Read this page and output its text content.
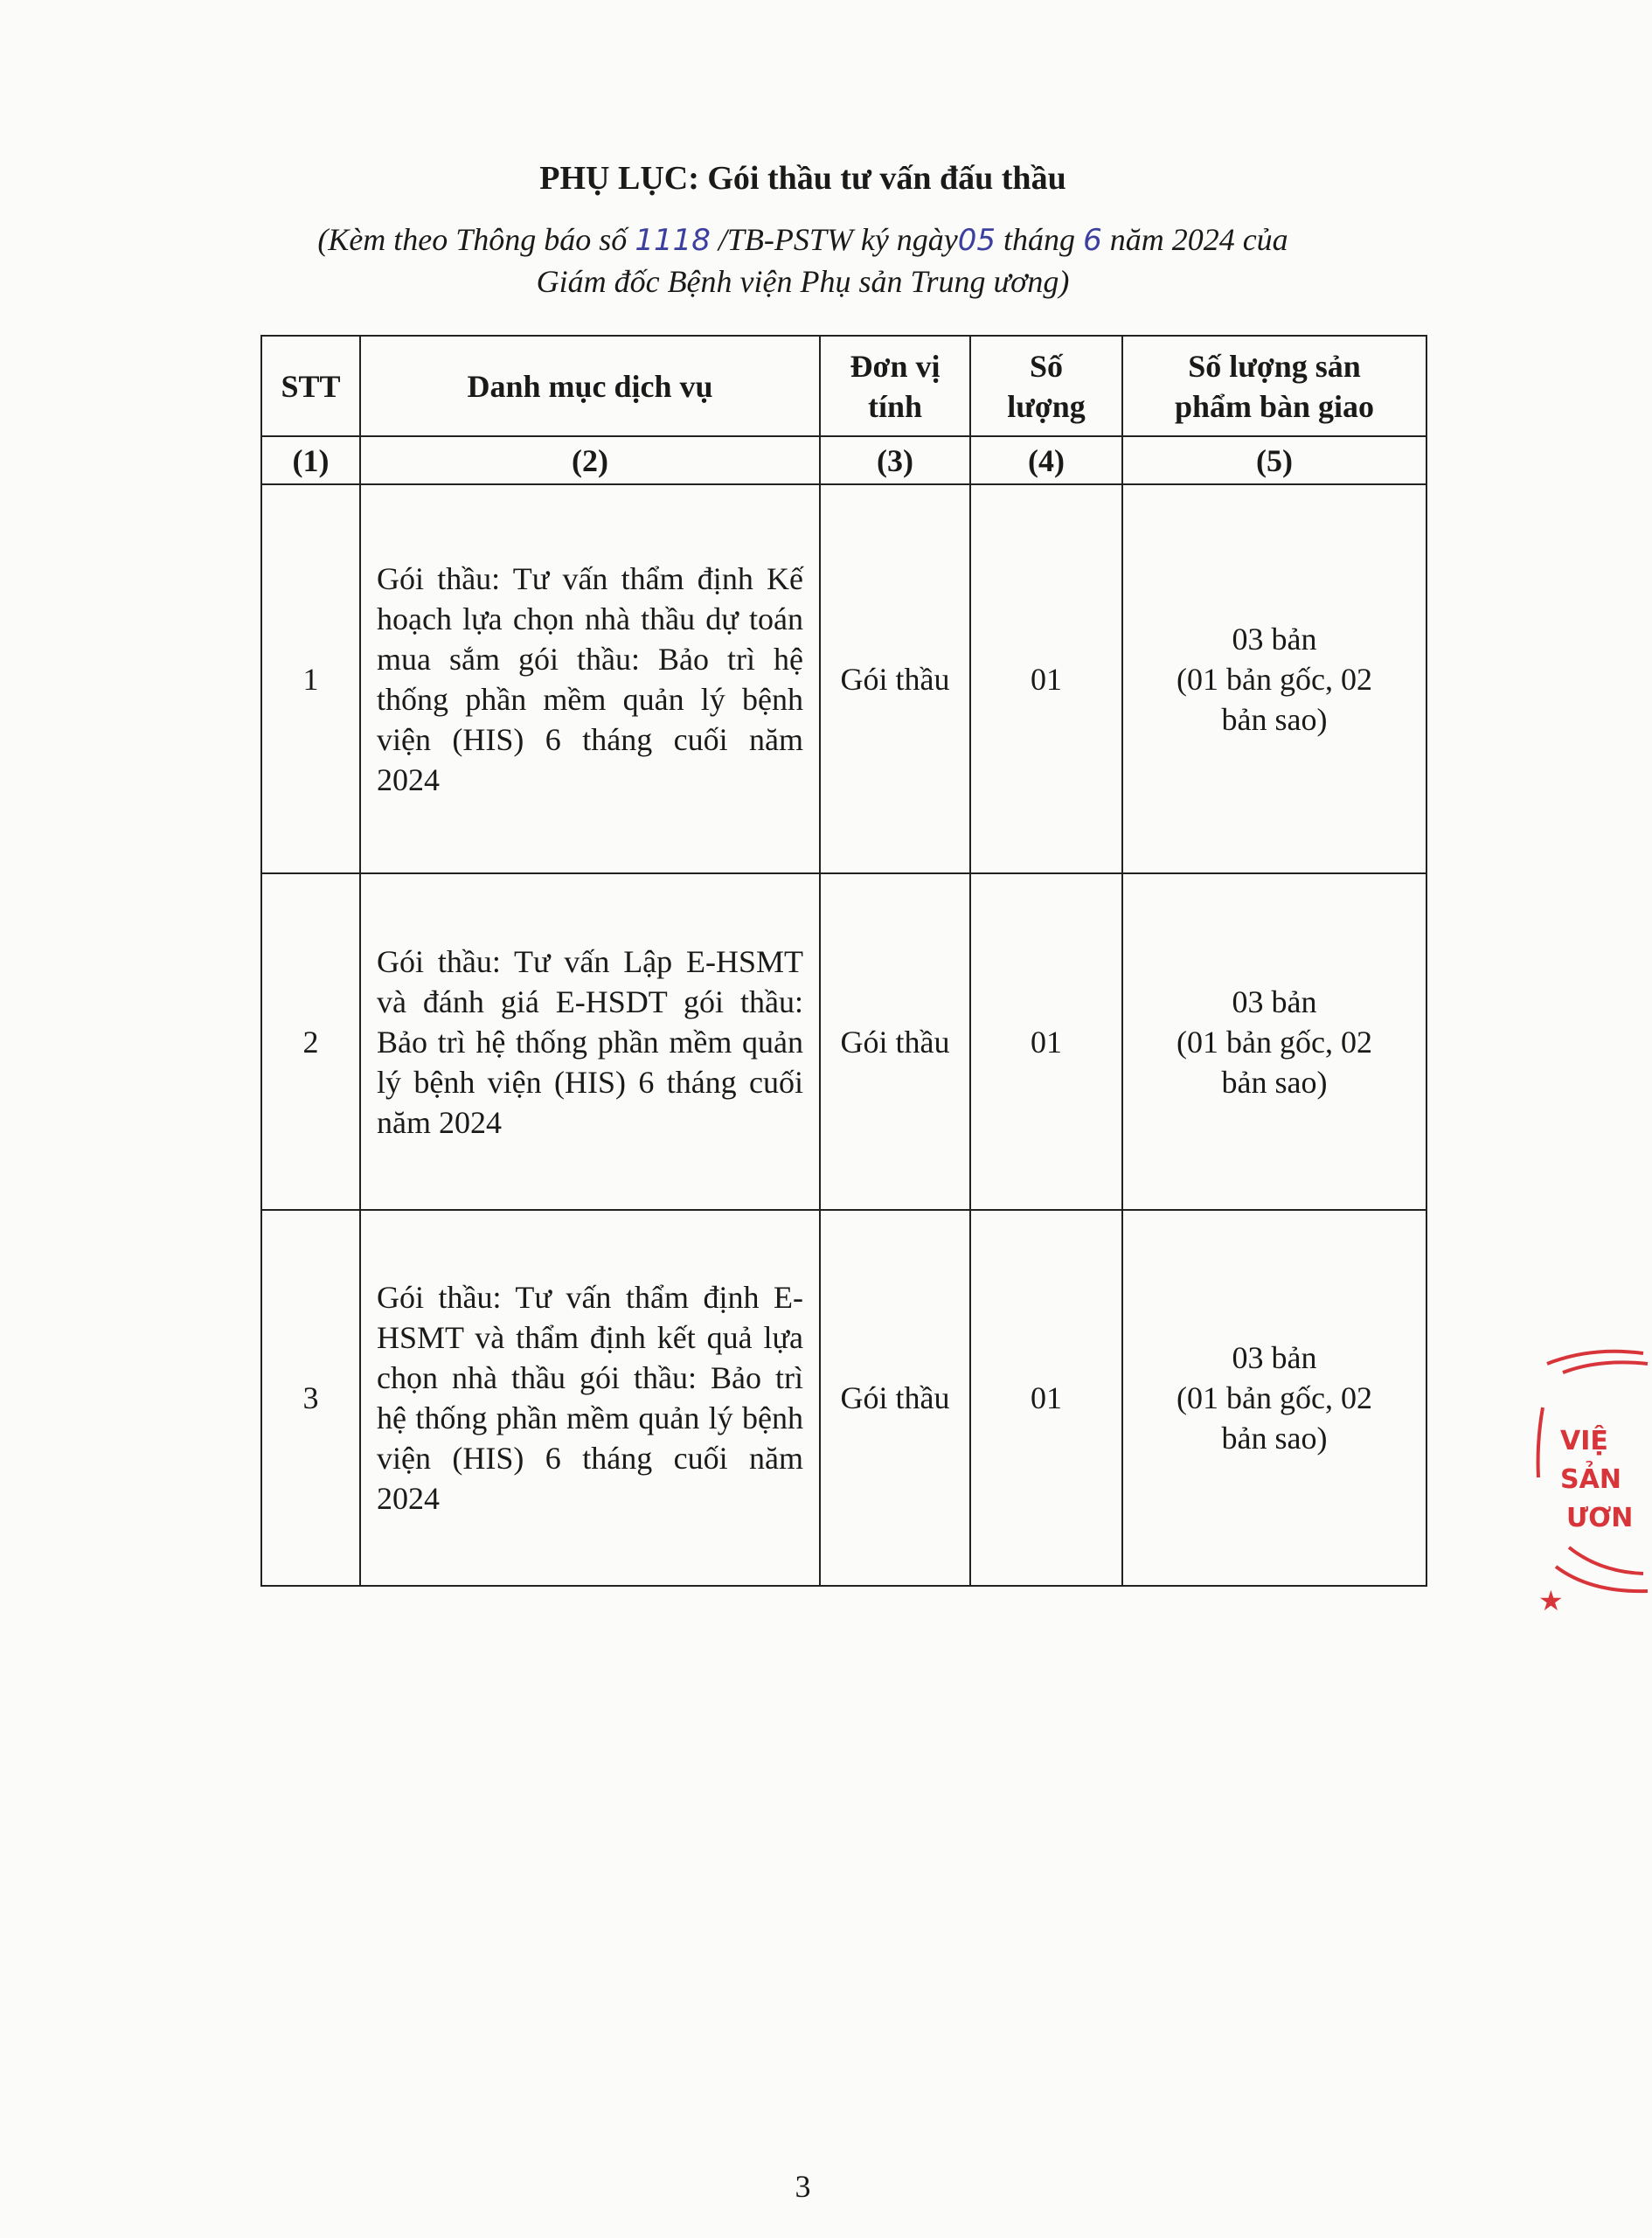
PHỤ LỤC: Gói thầu tư vấn đấu thầu
(Kèm theo Thông báo số 1118 /TB-PSTW ký ngày05 tháng 6 năm 2024 của
Giám đốc Bệnh viện Phụ sản Trung ương)
STT	Danh mục dịch vụ	Đơn vị tính	Số lượng	Số lượng sản phẩm bàn giao
(1)	(2)	(3)	(4)	(5)
1	Gói thầu: Tư vấn thẩm định Kế hoạch lựa chọn nhà thầu dự toán mua sắm gói thầu: Bảo trì hệ thống phần mềm quản lý bệnh viện (HIS) 6 tháng cuối năm 2024	Gói thầu	01	03 bản
(01 bản gốc, 02 bản sao)

2	Gói thầu: Tư vấn Lập E-HSMT và đánh giá E-HSDT gói thầu: Bảo trì hệ thống phần mềm quản lý bệnh viện (HIS) 6 tháng cuối năm 2024	Gói thầu	01	03 bản
(01 bản gốc, 02 bản sao)

3	Gói thầu: Tư vấn thẩm định E-HSMT và thẩm định kết quả lựa chọn nhà thầu gói thầu: Bảo trì hệ thống phần mềm quản lý bệnh viện (HIS) 6 tháng cuối năm 2024	Gói thầu	01	03 bản
(01 bản gốc, 02 bản sao)	VIỆ
SẢN
ƯƠN
★
3
